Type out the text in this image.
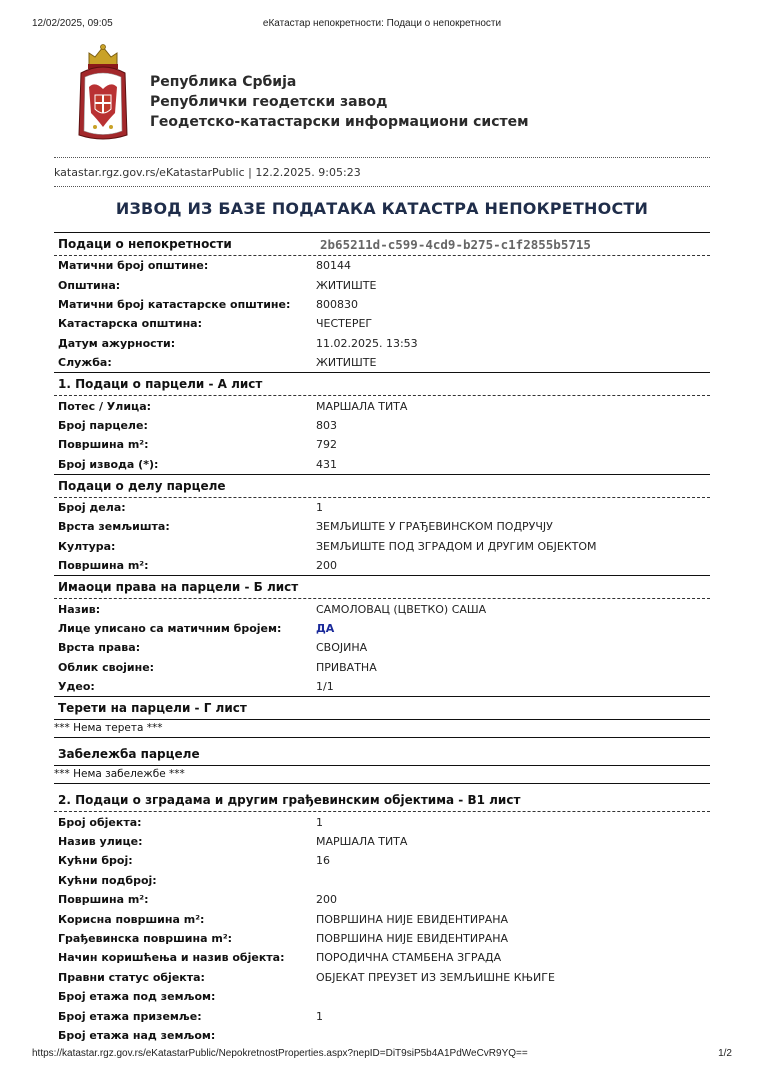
12/02/2025, 09:05	еКатастар непокретности: Подаци о непокретности
Република Србија
Републички геодетски завод
Геодетско-катастарски информациони систем
katastar.rgz.gov.rs/eKatastarPublic | 12.2.2025. 9:05:23
ИЗВОД ИЗ БАЗЕ ПОДАТАКА КАТАСТРА НЕПОКРЕТНОСТИ
Подаци о непокретности	2b65211d-c599-4cd9-b275-c1f2855b5715
Матични број општине:	80144
Општина:	ЖИТИШТЕ
Матични број катастарске општине:	800830
Катастарска општина:	ЧЕСТЕРЕГ
Датум ажурности:	11.02.2025. 13:53
Служба:	ЖИТИШТЕ
1. Подаци о парцели - А лист
Потес / Улица:	МАРШАЛА ТИТА
Број парцеле:	803
Површина m²:	792
Број извода (*):	431
Подаци о делу парцеле
Број дела:	1
Врста земљишта:	ЗЕМЉИШТЕ У ГРАЂЕВИНСКОМ ПОДРУЧЈУ
Култура:	ЗЕМЉИШТЕ ПОД ЗГРАДОМ И ДРУГИМ ОБЈЕКТОМ
Површина m²:	200
Имаоци права на парцели - Б лист
Назив:	САМОЛОВАЦ (ЦВЕТКО) САША
Лице уписано са матичним бројем:	ДА
Врста права:	СВОЈИНА
Облик својине:	ПРИВАТНА
Удео:	1/1
Терети на парцели - Г лист
*** Нема терета ***
Забележба парцеле
*** Нема забележбе ***
2. Подаци о зградама и другим грађевинским објектима - В1 лист
Број објекта:	1
Назив улице:	МАРШАЛА ТИТА
Кућни број:	16
Кућни подброј:
Површина m²:	200
Корисна површина m²:	ПОВРШИНА НИЈЕ ЕВИДЕНТИРАНА
Грађевинска површина m²:	ПОВРШИНА НИЈЕ ЕВИДЕНТИРАНА
Начин коришћења и назив објекта:	ПОРОДИЧНА СТАМБЕНА ЗГРАДА
Правни статус објекта:	ОБЈЕКАТ ПРЕУЗЕТ ИЗ ЗЕМЉИШНЕ КЊИГЕ
Број етажа под земљом:
Број етажа приземље:	1
Број етажа над земљом:
https://katastar.rgz.gov.rs/eKatastarPublic/NepokretnostProperties.aspx?nepID=DiT9siP5b4A1PdWeCvR9YQ==	1/2
